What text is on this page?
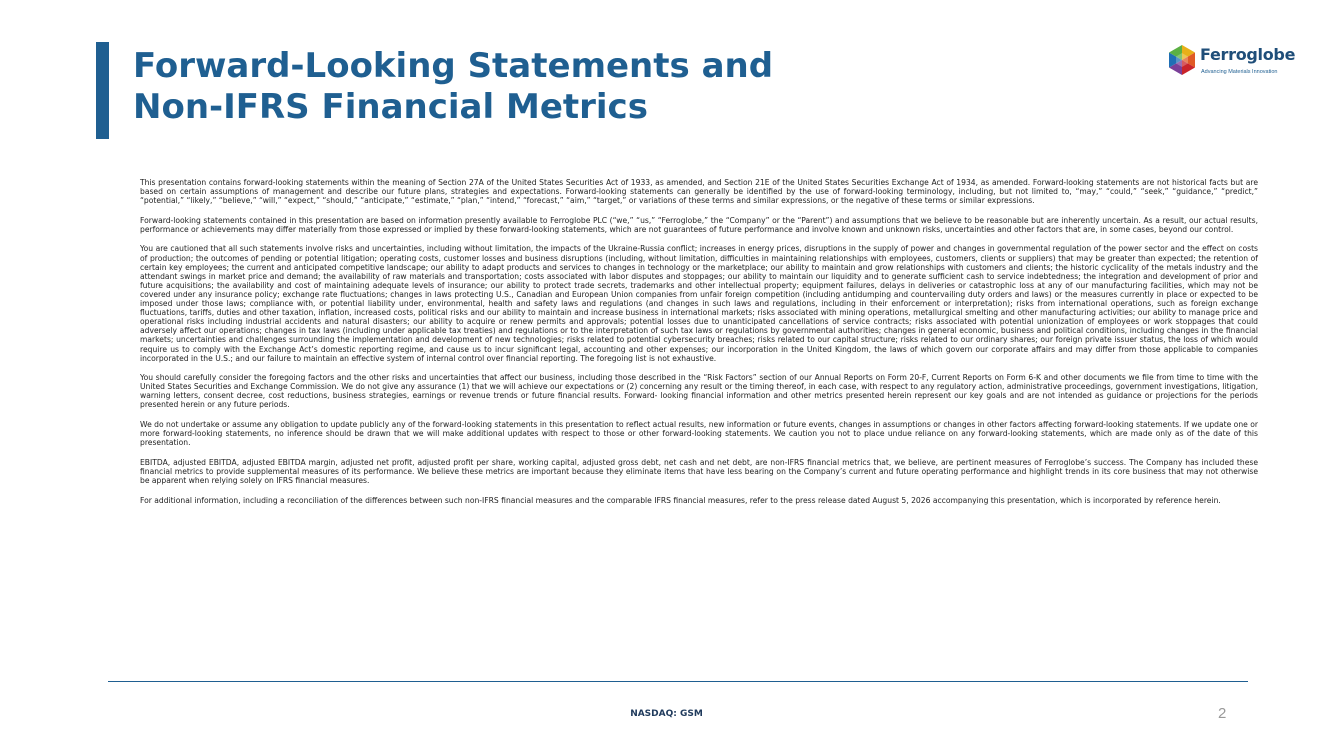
Forward-Looking Statements and
Non-IFRS Financial Metrics
Ferroglobe
Advancing Materials Innovation

This presentation contains forward-looking statements within the meaning of Section 27A of the United States Securities Act of 1933, as amended, and Section 21E of the United States Securities Exchange Act of 1934, as amended. Forward-looking statements are not historical facts but are based on certain assumptions of management and describe our future plans, strategies and expectations. Forward-looking statements can generally be identified by the use of forward-looking terminology, including, but not limited to, “may,” “could,” “seek,” “guidance,” “predict,” “potential,” “likely,” “believe,” “will,” “expect,” “should,” “anticipate,” “estimate,” “plan,” “intend,” “forecast,” “aim,” “target,” or variations of these terms and similar expressions, or the negative of these terms or similar expressions.

Forward-looking statements contained in this presentation are based on information presently available to Ferroglobe PLC (“we,” “us,” “Ferroglobe,” the “Company” or the “Parent”) and assumptions that we believe to be reasonable but are inherently uncertain. As a result, our actual results, performance or achievements may differ materially from those expressed or implied by these forward-looking statements, which are not guarantees of future performance and involve known and unknown risks, uncertainties and other factors that are, in some cases, beyond our control.

You are cautioned that all such statements involve risks and uncertainties, including without limitation, the impacts of the Ukraine-Russia conflict; increases in energy prices, disruptions in the supply of power and changes in governmental regulation of the power sector and the effect on costs of production; the outcomes of pending or potential litigation; operating costs, customer losses and business disruptions (including, without limitation, difficulties in maintaining relationships with employees, customers, clients or suppliers) that may be greater than expected; the retention of certain key employees; the current and anticipated competitive landscape; our ability to adapt products and services to changes in technology or the marketplace; our ability to maintain and grow relationships with customers and clients; the historic cyclicality of the metals industry and the attendant swings in market price and demand; the availability of raw materials and transportation; costs associated with labor disputes and stoppages; our ability to maintain our liquidity and to generate sufficient cash to service indebtedness; the integration and development of prior and future acquisitions; the availability and cost of maintaining adequate levels of insurance; our ability to protect trade secrets, trademarks and other intellectual property; equipment failures, delays in deliveries or catastrophic loss at any of our manufacturing facilities, which may not be covered under any insurance policy; exchange rate fluctuations; changes in laws protecting U.S., Canadian and European Union companies from unfair foreign competition (including antidumping and countervailing duty orders and laws) or the measures currently in place or expected to be imposed under those laws; compliance with, or potential liability under, environmental, health and safety laws and regulations (and changes in such laws and regulations, including in their enforcement or interpretation); risks from international operations, such as foreign exchange fluctuations, tariffs, duties and other taxation, inflation, increased costs, political risks and our ability to maintain and increase business in international markets; risks associated with mining operations, metallurgical smelting and other manufacturing activities; our ability to manage price and operational risks including industrial accidents and natural disasters; our ability to acquire or renew permits and approvals; potential losses due to unanticipated cancellations of service contracts; risks associated with potential unionization of employees or work stoppages that could adversely affect our operations; changes in tax laws (including under applicable tax treaties) and regulations or to the interpretation of such tax laws or regulations by governmental authorities; changes in general economic, business and political conditions, including changes in the financial markets; uncertainties and challenges surrounding the implementation and development of new technologies; risks related to potential cybersecurity breaches; risks related to our capital structure; risks related to our ordinary shares; our foreign private issuer status, the loss of which would require us to comply with the Exchange Act’s domestic reporting regime, and cause us to incur significant legal, accounting and other expenses; our incorporation in the United Kingdom, the laws of which govern our corporate affairs and may differ from those applicable to companies incorporated in the U.S.; and our failure to maintain an effective system of internal control over financial reporting. The foregoing list is not exhaustive.

You should carefully consider the foregoing factors and the other risks and uncertainties that affect our business, including those described in the “Risk Factors” section of our Annual Reports on Form 20-F, Current Reports on Form 6-K and other documents we file from time to time with the United States Securities and Exchange Commission. We do not give any assurance (1) that we will achieve our expectations or (2) concerning any result or the timing thereof, in each case, with respect to any regulatory action, administrative proceedings, government investigations, litigation, warning letters, consent decree, cost reductions, business strategies, earnings or revenue trends or future financial results. Forward- looking financial information and other metrics presented herein represent our key goals and are not intended as guidance or projections for the periods presented herein or any future periods.

We do not undertake or assume any obligation to update publicly any of the forward-looking statements in this presentation to reflect actual results, new information or future events, changes in assumptions or changes in other factors affecting forward-looking statements. If we update one or more forward-looking statements, no inference should be drawn that we will make additional updates with respect to those or other forward-looking statements. We caution you not to place undue reliance on any forward-looking statements, which are made only as of the date of this presentation.

EBITDA, adjusted EBITDA, adjusted EBITDA margin, adjusted net profit, adjusted profit per share, working capital, adjusted gross debt, net cash and net debt, are non-IFRS financial metrics that, we believe, are pertinent measures of Ferroglobe’s success. The Company has included these financial metrics to provide supplemental measures of its performance. We believe these metrics are important because they eliminate items that have less bearing on the Company’s current and future operating performance and highlight trends in its core business that may not otherwise be apparent when relying solely on IFRS financial measures.

For additional information, including a reconciliation of the differences between such non-IFRS financial measures and the comparable IFRS financial measures, refer to the press release dated August 5, 2026 accompanying this presentation, which is incorporated by reference herein.

NASDAQ: GSM	2
